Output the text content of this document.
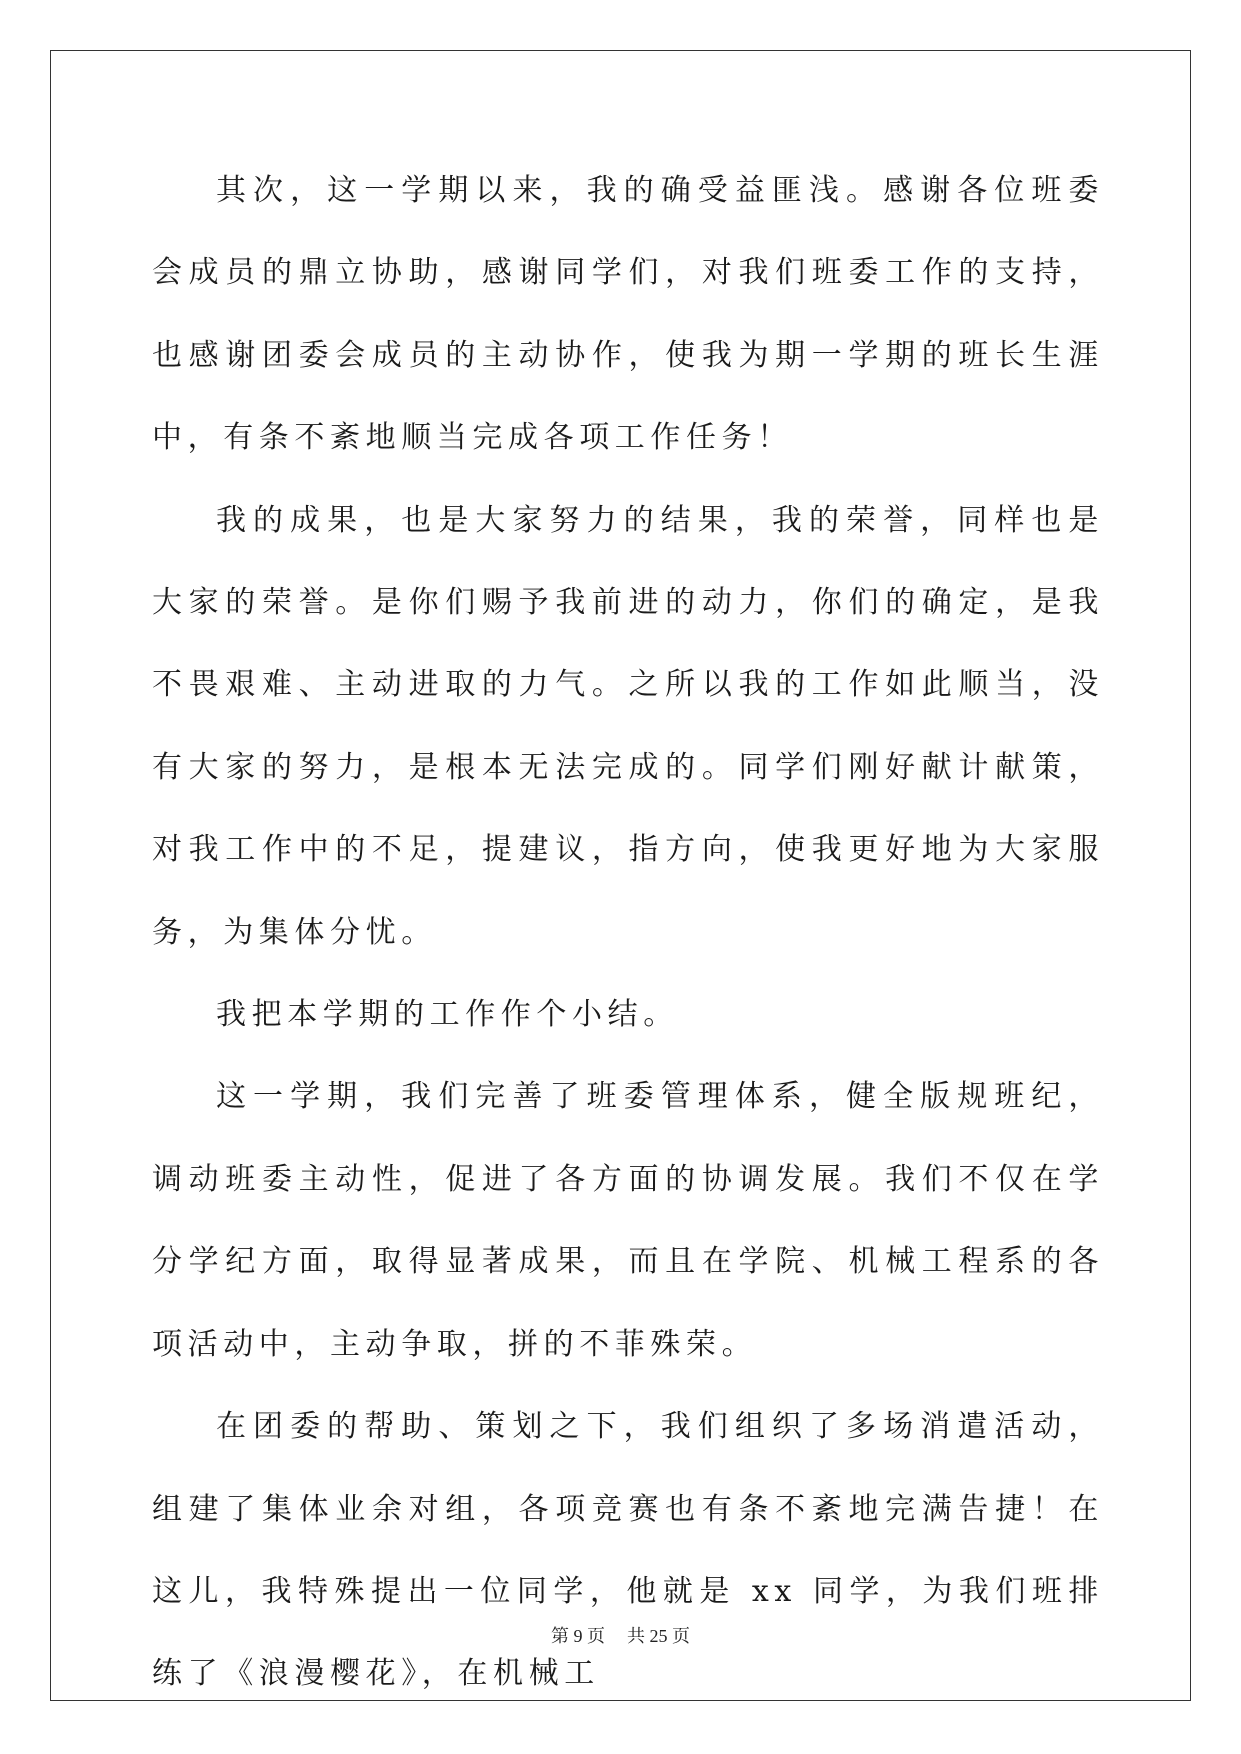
其次，这一学期以来，我的确受益匪浅。感谢各位班委会成员的鼎立协助，感谢同学们，对我们班委工作的支持，也感谢团委会成员的主动协作，使我为期一学期的班长生涯中，有条不紊地顺当完成各项工作任务！

我的成果，也是大家努力的结果，我的荣誉，同样也是大家的荣誉。是你们赐予我前进的动力，你们的确定，是我不畏艰难、主动进取的力气。之所以我的工作如此顺当，没有大家的努力，是根本无法完成的。同学们刚好献计献策，对我工作中的不足，提建议，指方向，使我更好地为大家服务，为集体分忧。

我把本学期的工作作个小结。

这一学期，我们完善了班委管理体系，健全版规班纪，调动班委主动性，促进了各方面的协调发展。我们不仅在学分学纪方面，取得显著成果，而且在学院、机械工程系的各项活动中，主动争取，拼的不菲殊荣。

在团委的帮助、策划之下，我们组织了多场消遣活动，组建了集体业余对组，各项竞赛也有条不紊地完满告捷！在这儿，我特殊提出一位同学，他就是 xx 同学，为我们班排练了《浪漫樱花》，在机械工

第 9 页 共 25 页
